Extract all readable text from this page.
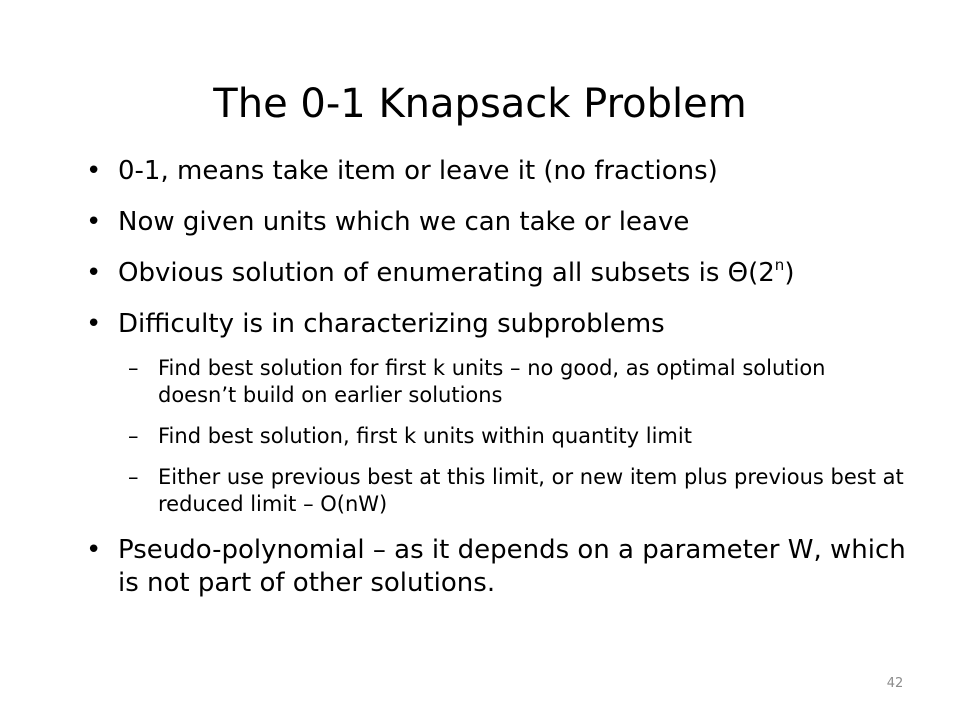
The 0-1 Knapsack Problem
• 0-1, means take item or leave it (no fractions)
• Now given units which we can take or leave
• Obvious solution of enumerating all subsets is Θ(2$^n$)
• Difficulty is in characterizing subproblems
– Find best solution for first k units – no good, as optimal solution doesn’t build on earlier solutions
– Find best solution, first k units within quantity limit
– Either use previous best at this limit, or new item plus previous best at reduced limit – O(nW)
• Pseudo-polynomial – as it depends on a parameter W, which is not part of other solutions.
42
